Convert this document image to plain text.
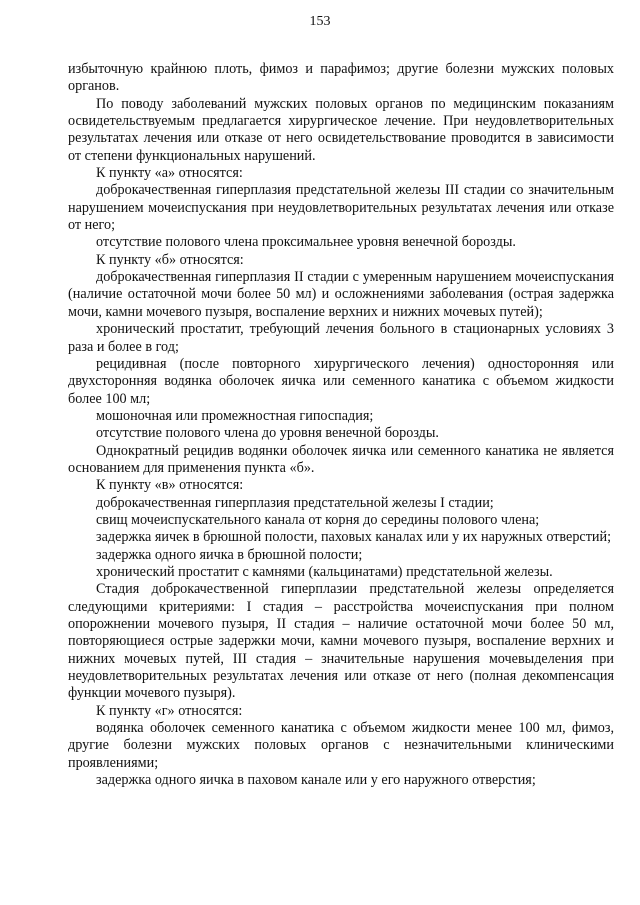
153

избыточную крайнюю плоть, фимоз и парафимоз; другие болезни мужских половых органов.

По поводу заболеваний мужских половых органов по медицинским показаниям освидетельствуемым предлагается хирургическое лечение. При неудовлетворительных результатах лечения или отказе от него освидетельствование проводится в зависимости от степени функциональных нарушений.

К пункту «а» относятся:

доброкачественная гиперплазия предстательной железы III стадии со значительным нарушением мочеиспускания при неудовлетворительных результатах лечения или отказе от него;

отсутствие полового члена проксимальнее уровня венечной борозды.

К пункту «б» относятся:

доброкачественная гиперплазия II стадии с умеренным нарушением мочеиспускания (наличие остаточной мочи более 50 мл) и осложнениями заболевания (острая задержка мочи, камни мочевого пузыря, воспаление верхних и нижних мочевых путей);

хронический простатит, требующий лечения больного в стационарных условиях 3 раза и более в год;

рецидивная (после повторного хирургического лечения) односторонняя или двухсторонняя водянка оболочек яичка или семенного канатика с объемом жидкости более 100 мл;

мошоночная или промежностная гипоспадия;

отсутствие полового члена до уровня венечной борозды.

Однократный рецидив водянки оболочек яичка или семенного канатика не является основанием для применения пункта «б».

К пункту «в» относятся:

доброкачественная гиперплазия предстательной железы I стадии;

свищ мочеиспускательного канала от корня до середины полового члена;

задержка яичек в брюшной полости, паховых каналах или у их наружных отверстий;

задержка одного яичка в брюшной полости;

хронический простатит с камнями (кальцинатами) предстательной железы.

Стадия доброкачественной гиперплазии предстательной железы определяется следующими критериями: I стадия – расстройства мочеиспускания при полном опорожнении мочевого пузыря, II стадия – наличие остаточной мочи более 50 мл, повторяющиеся острые задержки мочи, камни мочевого пузыря, воспаление верхних и нижних мочевых путей, III стадия – значительные нарушения мочевыделения при неудовлетворительных результатах лечения или отказе от него (полная декомпенсация функции мочевого пузыря).

К пункту «г» относятся:

водянка оболочек семенного канатика с объемом жидкости менее 100 мл, фимоз, другие болезни мужских половых органов с незначительными клиническими проявлениями;

задержка одного яичка в паховом канале или у его наружного отверстия;
